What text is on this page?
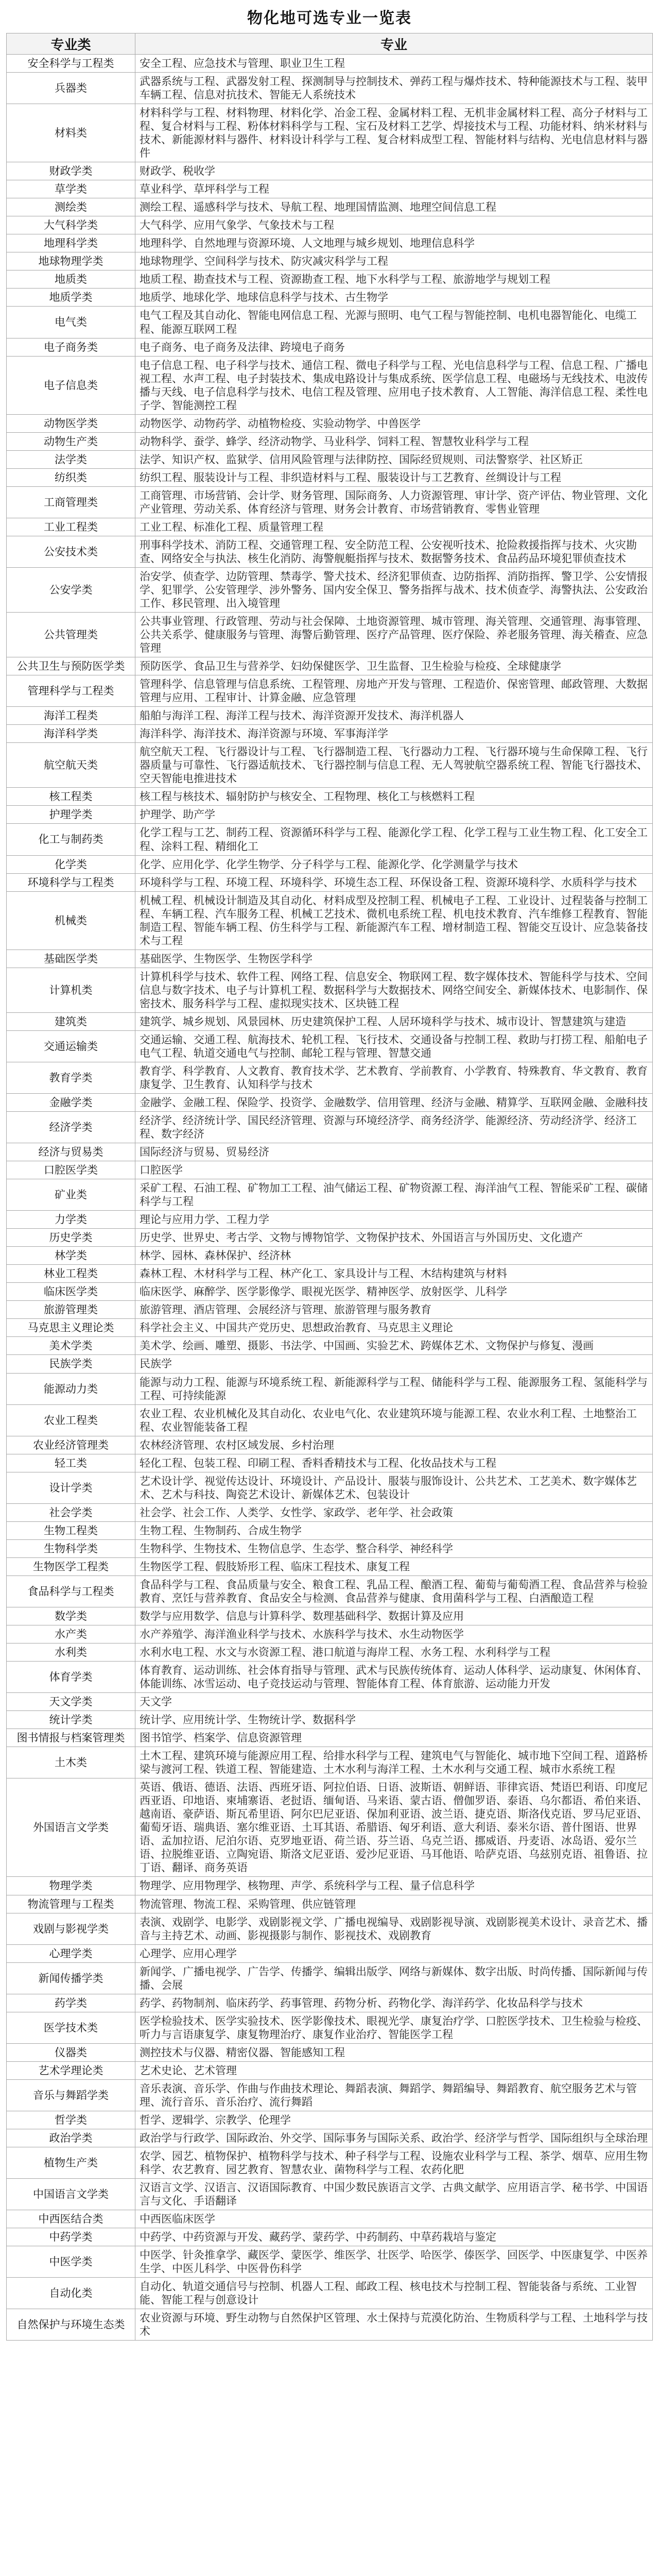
物化地可选专业一览表
专业类	专业
安全科学与工程类	安全工程、应急技术与管理、职业卫生工程
兵器类	武器系统与工程、武器发射工程、探测制导与控制技术、弹药工程与爆炸技术、特种能源技术与工程、装甲车辆工程、信息对抗技术、智能无人系统技术
材料类	材料科学与工程、材料物理、材料化学、冶金工程、金属材料工程、无机非金属材料工程、高分子材料与工程、复合材料与工程、粉体材料科学与工程、宝石及材料工艺学、焊接技术与工程、功能材料、纳米材料与技术、新能源材料与器件、材料设计科学与工程、复合材料成型工程、智能材料与结构、光电信息材料与器件
财政学类	财政学、税收学
草学类	草业科学、草坪科学与工程
测绘类	测绘工程、遥感科学与技术、导航工程、地理国情监测、地理空间信息工程
大气科学类	大气科学、应用气象学、气象技术与工程
地理科学类	地理科学、自然地理与资源环境、人文地理与城乡规划、地理信息科学
地球物理学类	地球物理学、空间科学与技术、防灾减灾科学与工程
地质类	地质工程、勘查技术与工程、资源勘查工程、地下水科学与工程、旅游地学与规划工程
地质学类	地质学、地球化学、地球信息科学与技术、古生物学
电气类	电气工程及其自动化、智能电网信息工程、光源与照明、电气工程与智能控制、电机电器智能化、电缆工程、能源互联网工程
电子商务类	电子商务、电子商务及法律、跨境电子商务
电子信息类	电子信息工程、电子科学与技术、通信工程、微电子科学与工程、光电信息科学与工程、信息工程、广播电视工程、水声工程、电子封装技术、集成电路设计与集成系统、医学信息工程、电磁场与无线技术、电波传播与天线、电子信息科学与技术、电信工程及管理、应用电子技术教育、人工智能、海洋信息工程、柔性电子学、智能测控工程
动物医学类	动物医学、动物药学、动植物检疫、实验动物学、中兽医学
动物生产类	动物科学、蚕学、蜂学、经济动物学、马业科学、饲料工程、智慧牧业科学与工程
法学类	法学、知识产权、监狱学、信用风险管理与法律防控、国际经贸规则、司法警察学、社区矫正
纺织类	纺织工程、服装设计与工程、非织造材料与工程、服装设计与工艺教育、丝绸设计与工程
工商管理类	工商管理、市场营销、会计学、财务管理、国际商务、人力资源管理、审计学、资产评估、物业管理、文化产业管理、劳动关系、体育经济与管理、财务会计教育、市场营销教育、零售业管理
工业工程类	工业工程、标准化工程、质量管理工程
公安技术类	刑事科学技术、消防工程、交通管理工程、安全防范工程、公安视听技术、抢险救援指挥与技术、火灾勘查、网络安全与执法、核生化消防、海警舰艇指挥与技术、数据警务技术、食品药品环境犯罪侦查技术
公安学类	治安学、侦查学、边防管理、禁毒学、警犬技术、经济犯罪侦查、边防指挥、消防指挥、警卫学、公安情报学、犯罪学、公安管理学、涉外警务、国内安全保卫、警务指挥与战术、技术侦查学、海警执法、公安政治工作、移民管理、出入境管理
公共管理类	公共事业管理、行政管理、劳动与社会保障、土地资源管理、城市管理、海关管理、交通管理、海事管理、公共关系学、健康服务与管理、海警后勤管理、医疗产品管理、医疗保险、养老服务管理、海关稽查、应急管理
公共卫生与预防医学类	预防医学、食品卫生与营养学、妇幼保健医学、卫生监督、卫生检验与检疫、全球健康学
管理科学与工程类	管理科学、信息管理与信息系统、工程管理、房地产开发与管理、工程造价、保密管理、邮政管理、大数据管理与应用、工程审计、计算金融、应急管理
海洋工程类	船舶与海洋工程、海洋工程与技术、海洋资源开发技术、海洋机器人
海洋科学类	海洋科学、海洋技术、海洋资源与环境、军事海洋学
航空航天类	航空航天工程、飞行器设计与工程、飞行器制造工程、飞行器动力工程、飞行器环境与生命保障工程、飞行器质量与可靠性、飞行器适航技术、飞行器控制与信息工程、无人驾驶航空器系统工程、智能飞行器技术、空天智能电推进技术
核工程类	核工程与核技术、辐射防护与核安全、工程物理、核化工与核燃料工程
护理学类	护理学、助产学
化工与制药类	化学工程与工艺、制药工程、资源循环科学与工程、能源化学工程、化学工程与工业生物工程、化工安全工程、涂料工程、精细化工
化学类	化学、应用化学、化学生物学、分子科学与工程、能源化学、化学测量学与技术
环境科学与工程类	环境科学与工程、环境工程、环境科学、环境生态工程、环保设备工程、资源环境科学、水质科学与技术
机械类	机械工程、机械设计制造及其自动化、材料成型及控制工程、机械电子工程、工业设计、过程装备与控制工程、车辆工程、汽车服务工程、机械工艺技术、微机电系统工程、机电技术教育、汽车维修工程教育、智能制造工程、智能车辆工程、仿生科学与工程、新能源汽车工程、增材制造工程、智能交互设计、应急装备技术与工程
基础医学类	基础医学、生物医学、生物医学科学
计算机类	计算机科学与技术、软件工程、网络工程、信息安全、物联网工程、数字媒体技术、智能科学与技术、空间信息与数字技术、电子与计算机工程、数据科学与大数据技术、网络空间安全、新媒体技术、电影制作、保密技术、服务科学与工程、虚拟现实技术、区块链工程
建筑类	建筑学、城乡规划、风景园林、历史建筑保护工程、人居环境科学与技术、城市设计、智慧建筑与建造
交通运输类	交通运输、交通工程、航海技术、轮机工程、飞行技术、交通设备与控制工程、救助与打捞工程、船舶电子电气工程、轨道交通电气与控制、邮轮工程与管理、智慧交通
教育学类	教育学、科学教育、人文教育、教育技术学、艺术教育、学前教育、小学教育、特殊教育、华文教育、教育康复学、卫生教育、认知科学与技术
金融学类	金融学、金融工程、保险学、投资学、金融数学、信用管理、经济与金融、精算学、互联网金融、金融科技
经济学类	经济学、经济统计学、国民经济管理、资源与环境经济学、商务经济学、能源经济、劳动经济学、经济工程、数字经济
经济与贸易类	国际经济与贸易、贸易经济
口腔医学类	口腔医学
矿业类	采矿工程、石油工程、矿物加工工程、油气储运工程、矿物资源工程、海洋油气工程、智能采矿工程、碳储科学与工程
力学类	理论与应用力学、工程力学
历史学类	历史学、世界史、考古学、文物与博物馆学、文物保护技术、外国语言与外国历史、文化遗产
林学类	林学、园林、森林保护、经济林
林业工程类	森林工程、木材科学与工程、林产化工、家具设计与工程、木结构建筑与材料
临床医学类	临床医学、麻醉学、医学影像学、眼视光医学、精神医学、放射医学、儿科学
旅游管理类	旅游管理、酒店管理、会展经济与管理、旅游管理与服务教育
马克思主义理论类	科学社会主义、中国共产党历史、思想政治教育、马克思主义理论
美术学类	美术学、绘画、雕塑、摄影、书法学、中国画、实验艺术、跨媒体艺术、文物保护与修复、漫画
民族学类	民族学
能源动力类	能源与动力工程、能源与环境系统工程、新能源科学与工程、储能科学与工程、能源服务工程、氢能科学与工程、可持续能源
农业工程类	农业工程、农业机械化及其自动化、农业电气化、农业建筑环境与能源工程、农业水利工程、土地整治工程、农业智能装备工程
农业经济管理类	农林经济管理、农村区域发展、乡村治理
轻工类	轻化工程、包装工程、印刷工程、香料香精技术与工程、化妆品技术与工程
设计学类	艺术设计学、视觉传达设计、环境设计、产品设计、服装与服饰设计、公共艺术、工艺美术、数字媒体艺术、艺术与科技、陶瓷艺术设计、新媒体艺术、包装设计
社会学类	社会学、社会工作、人类学、女性学、家政学、老年学、社会政策
生物工程类	生物工程、生物制药、合成生物学
生物科学类	生物科学、生物技术、生物信息学、生态学、整合科学、神经科学
生物医学工程类	生物医学工程、假肢矫形工程、临床工程技术、康复工程
食品科学与工程类	食品科学与工程、食品质量与安全、粮食工程、乳品工程、酿酒工程、葡萄与葡萄酒工程、食品营养与检验教育、烹饪与营养教育、食品安全与检测、食品营养与健康、食用菌科学与工程、白酒酿造工程
数学类	数学与应用数学、信息与计算科学、数理基础科学、数据计算及应用
水产类	水产养殖学、海洋渔业科学与技术、水族科学与技术、水生动物医学
水利类	水利水电工程、水文与水资源工程、港口航道与海岸工程、水务工程、水利科学与工程
体育学类	体育教育、运动训练、社会体育指导与管理、武术与民族传统体育、运动人体科学、运动康复、休闲体育、体能训练、冰雪运动、电子竞技运动与管理、智能体育工程、体育旅游、运动能力开发
天文学类	天文学
统计学类	统计学、应用统计学、生物统计学、数据科学
图书情报与档案管理类	图书馆学、档案学、信息资源管理
土木类	土木工程、建筑环境与能源应用工程、给排水科学与工程、建筑电气与智能化、城市地下空间工程、道路桥梁与渡河工程、铁道工程、智能建造、土木水利与海洋工程、土木水利与交通工程、城市水系统工程
外国语言文学类	英语、俄语、德语、法语、西班牙语、阿拉伯语、日语、波斯语、朝鲜语、菲律宾语、梵语巴利语、印度尼西亚语、印地语、柬埔寨语、老挝语、缅甸语、马来语、蒙古语、僧伽罗语、泰语、乌尔都语、希伯来语、越南语、豪萨语、斯瓦希里语、阿尔巴尼亚语、保加利亚语、波兰语、捷克语、斯洛伐克语、罗马尼亚语、葡萄牙语、瑞典语、塞尔维亚语、土耳其语、希腊语、匈牙利语、意大利语、泰米尔语、普什图语、世界语、孟加拉语、尼泊尔语、克罗地亚语、荷兰语、芬兰语、乌克兰语、挪威语、丹麦语、冰岛语、爱尔兰语、拉脱维亚语、立陶宛语、斯洛文尼亚语、爱沙尼亚语、马耳他语、哈萨克语、乌兹别克语、祖鲁语、拉丁语、翻译、商务英语
物理学类	物理学、应用物理学、核物理、声学、系统科学与工程、量子信息科学
物流管理与工程类	物流管理、物流工程、采购管理、供应链管理
戏剧与影视学类	表演、戏剧学、电影学、戏剧影视文学、广播电视编导、戏剧影视导演、戏剧影视美术设计、录音艺术、播音与主持艺术、动画、影视摄影与制作、影视技术、戏剧教育
心理学类	心理学、应用心理学
新闻传播学类	新闻学、广播电视学、广告学、传播学、编辑出版学、网络与新媒体、数字出版、时尚传播、国际新闻与传播、会展
药学类	药学、药物制剂、临床药学、药事管理、药物分析、药物化学、海洋药学、化妆品科学与技术
医学技术类	医学检验技术、医学实验技术、医学影像技术、眼视光学、康复治疗学、口腔医学技术、卫生检验与检疫、听力与言语康复学、康复物理治疗、康复作业治疗、智能医学工程
仪器类	测控技术与仪器、精密仪器、智能感知工程
艺术学理论类	艺术史论、艺术管理
音乐与舞蹈学类	音乐表演、音乐学、作曲与作曲技术理论、舞蹈表演、舞蹈学、舞蹈编导、舞蹈教育、航空服务艺术与管理、流行音乐、音乐治疗、流行舞蹈
哲学类	哲学、逻辑学、宗教学、伦理学
政治学类	政治学与行政学、国际政治、外交学、国际事务与国际关系、政治学、经济学与哲学、国际组织与全球治理
植物生产类	农学、园艺、植物保护、植物科学与技术、种子科学与工程、设施农业科学与工程、茶学、烟草、应用生物科学、农艺教育、园艺教育、智慧农业、菌物科学与工程、农药化肥
中国语言文学类	汉语言文学、汉语言、汉语国际教育、中国少数民族语言文学、古典文献学、应用语言学、秘书学、中国语言与文化、手语翻译
中西医结合类	中西医临床医学
中药学类	中药学、中药资源与开发、藏药学、蒙药学、中药制药、中草药栽培与鉴定
中医学类	中医学、针灸推拿学、藏医学、蒙医学、维医学、壮医学、哈医学、傣医学、回医学、中医康复学、中医养生学、中医儿科学、中医骨伤科学
自动化类	自动化、轨道交通信号与控制、机器人工程、邮政工程、核电技术与控制工程、智能装备与系统、工业智能、智能工程与创意设计
自然保护与环境生态类	农业资源与环境、野生动物与自然保护区管理、水土保持与荒漠化防治、生物质科学与工程、土地科学与技术
